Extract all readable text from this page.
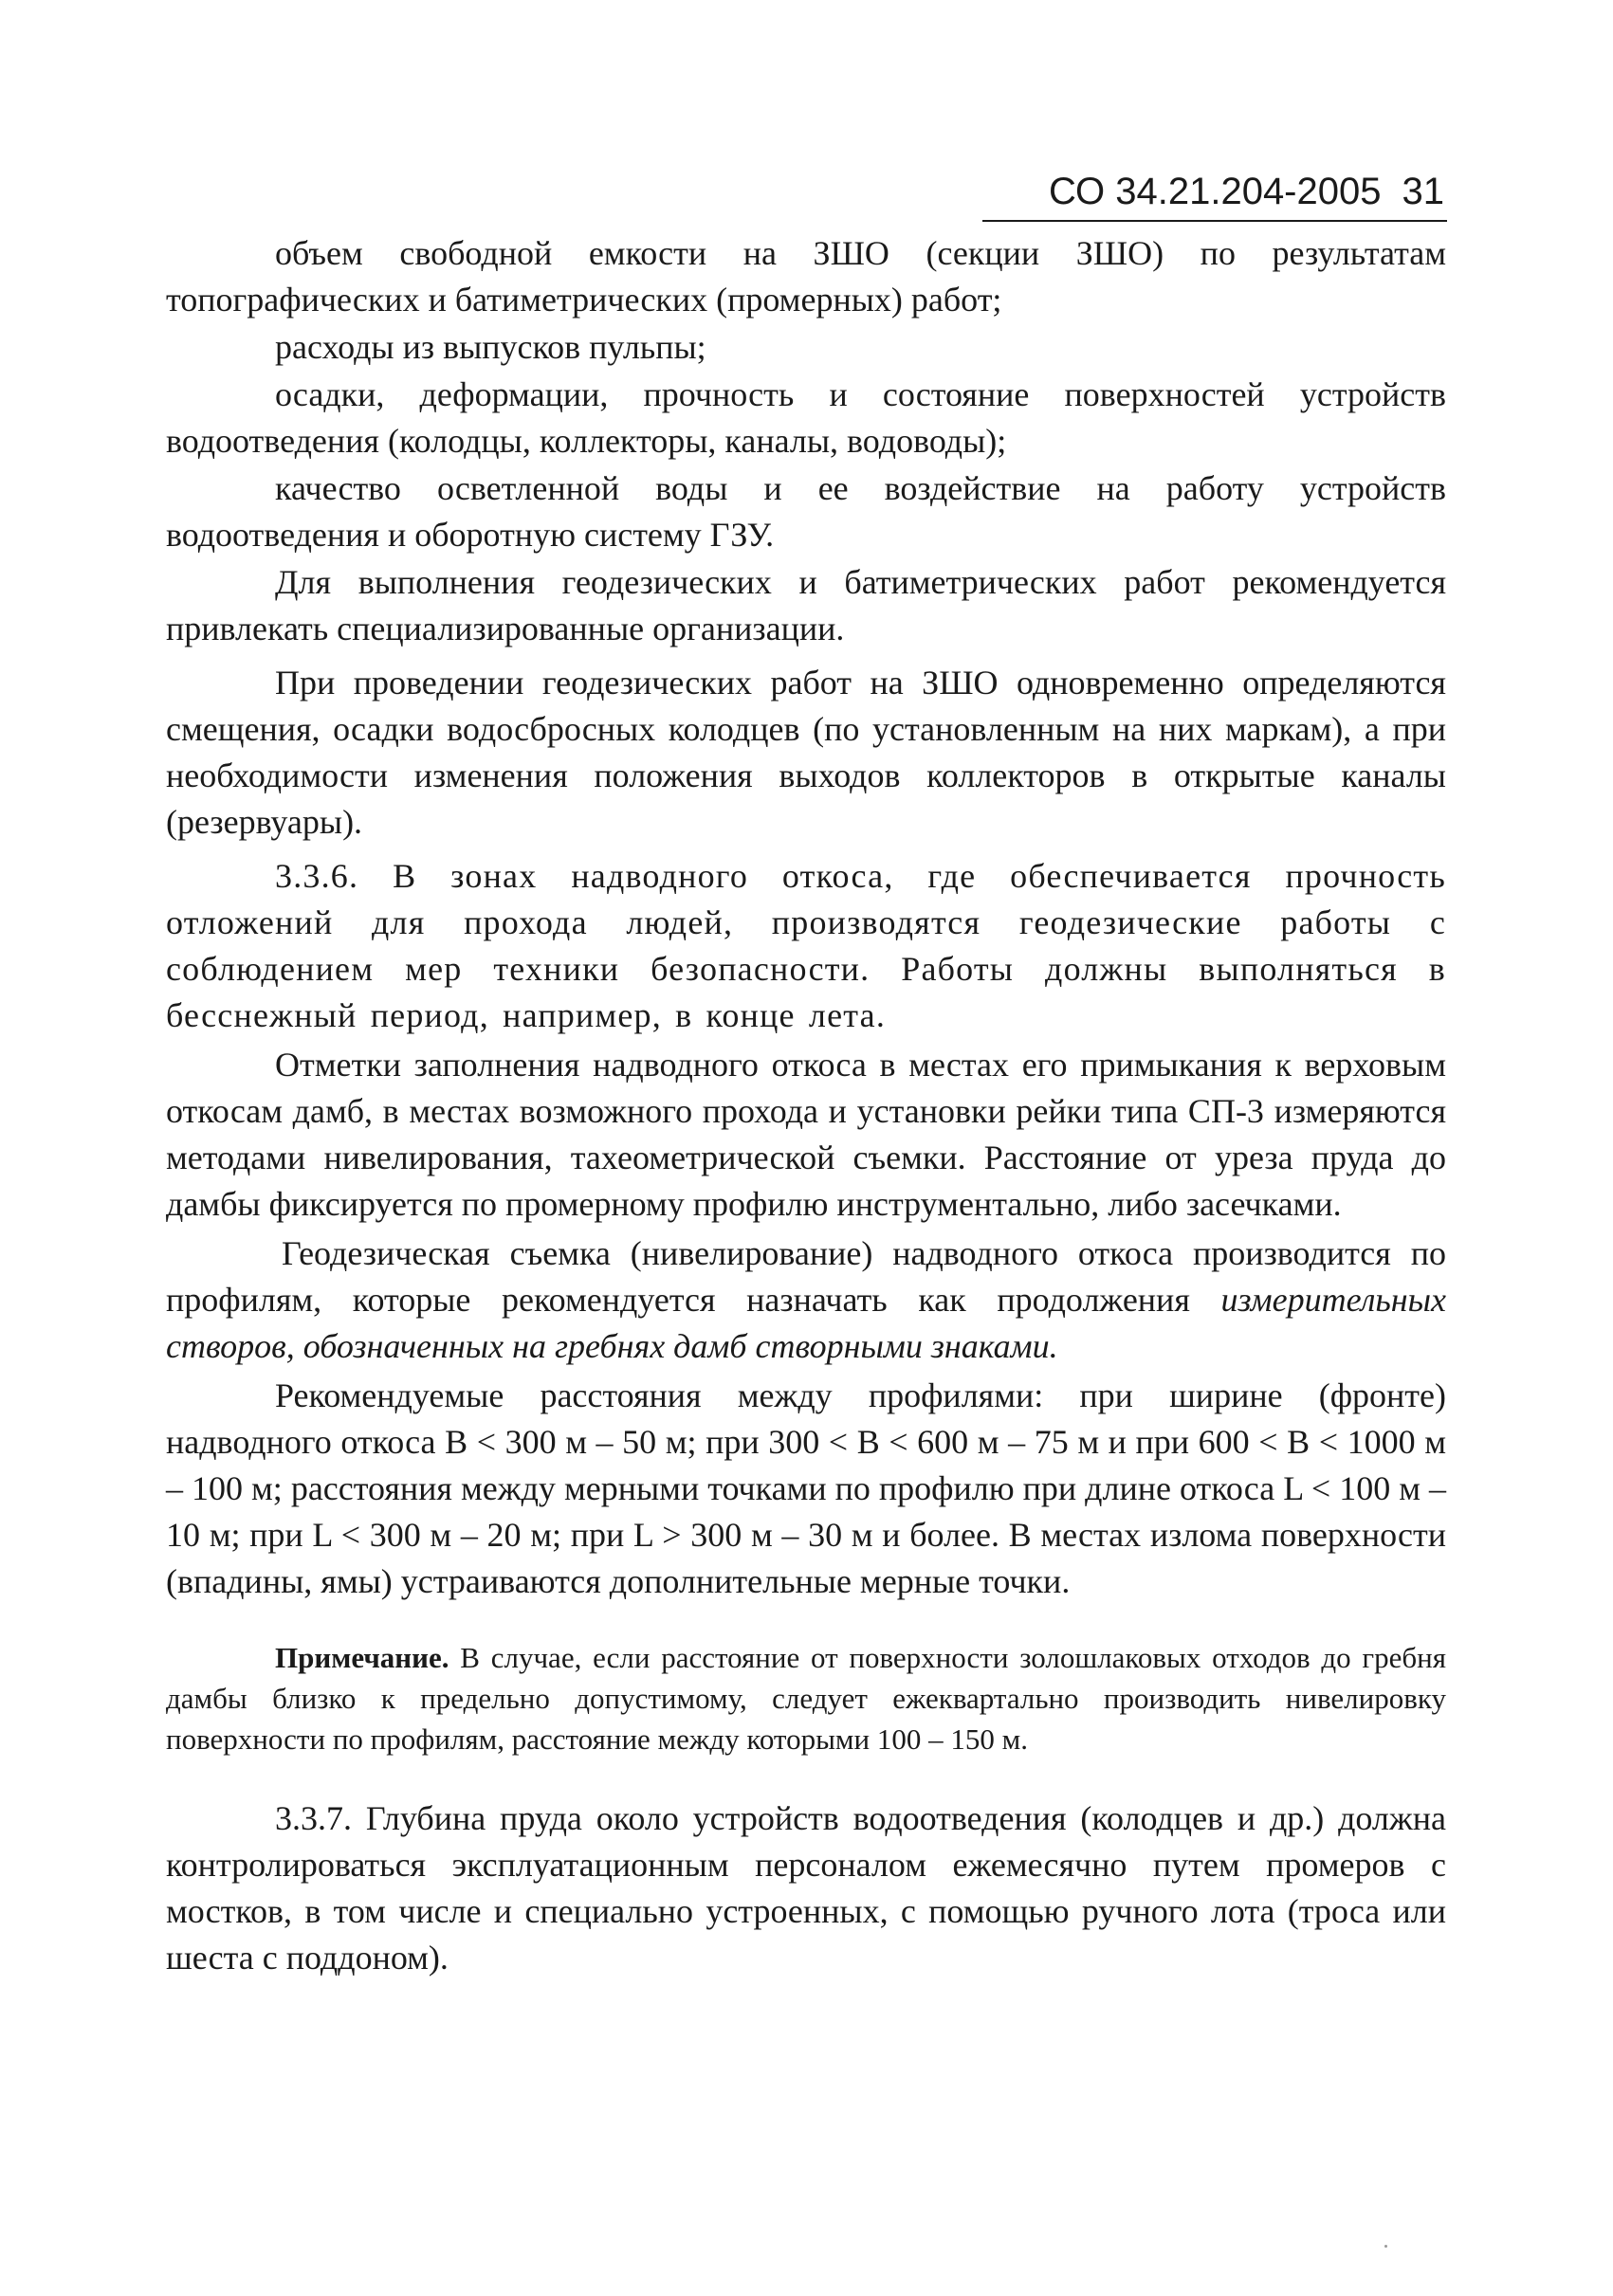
СО 34.21.204-2005 31

объем свободной емкости на ЗШО (секции ЗШО) по результатам топографических и батиметрических (промерных) работ;

расходы из выпусков пульпы;

осадки, деформации, прочность и состояние поверхностей устройств водоотведения (колодцы, коллекторы, каналы, водоводы);

качество осветленной воды и ее воздействие на работу устройств водоотведения и оборотную систему ГЗУ.

Для выполнения геодезических и батиметрических работ рекомендуется привлекать специализированные организации.

При проведении геодезических работ на ЗШО одновременно определяются смещения, осадки водосбросных колодцев (по установленным на них маркам), а при необходимости изменения положения выходов коллекторов в открытые каналы (резервуары).

3.3.6. В зонах надводного откоса, где обеспечивается прочность отложений для прохода людей, производятся геодезические работы с соблюдением мер техники безопасности. Работы должны выполняться в бесснежный период, например, в конце лета.

Отметки заполнения надводного откоса в местах его примыкания к верховым откосам дамб, в местах возможного прохода и установки рейки типа СП-3 измеряются методами нивелирования, тахеометрической съемки. Расстояние от уреза пруда до дамбы фиксируется по промерному профилю инструментально, либо засечками.

Геодезическая съемка (нивелирование) надводного откоса производится по профилям, которые рекомендуется назначать как продолжения измерительных створов, обозначенных на гребнях дамб створными знаками.

Рекомендуемые расстояния между профилями: при ширине (фронте) надводного откоса В < 300 м – 50 м; при 300 < В < 600 м – 75 м и при 600 < В < 1000 м – 100 м; расстояния между мерными точками по профилю при длине откоса L < 100 м – 10 м; при L < 300 м – 20 м; при L > 300 м – 30 м и более. В местах излома поверхности (впадины, ямы) устраиваются дополнительные мерные точки.

Примечание. В случае, если расстояние от поверхности золошлаковых отходов до гребня дамбы близко к предельно допустимому, следует ежеквартально производить нивелировку поверхности по профилям, расстояние между которыми 100 – 150 м.

3.3.7. Глубина пруда около устройств водоотведения (колодцев и др.) должна контролироваться эксплуатационным персоналом ежемесячно путем промеров с мостков, в том числе и специально устроенных, с помощью ручного лота (троса или шеста с поддоном).
